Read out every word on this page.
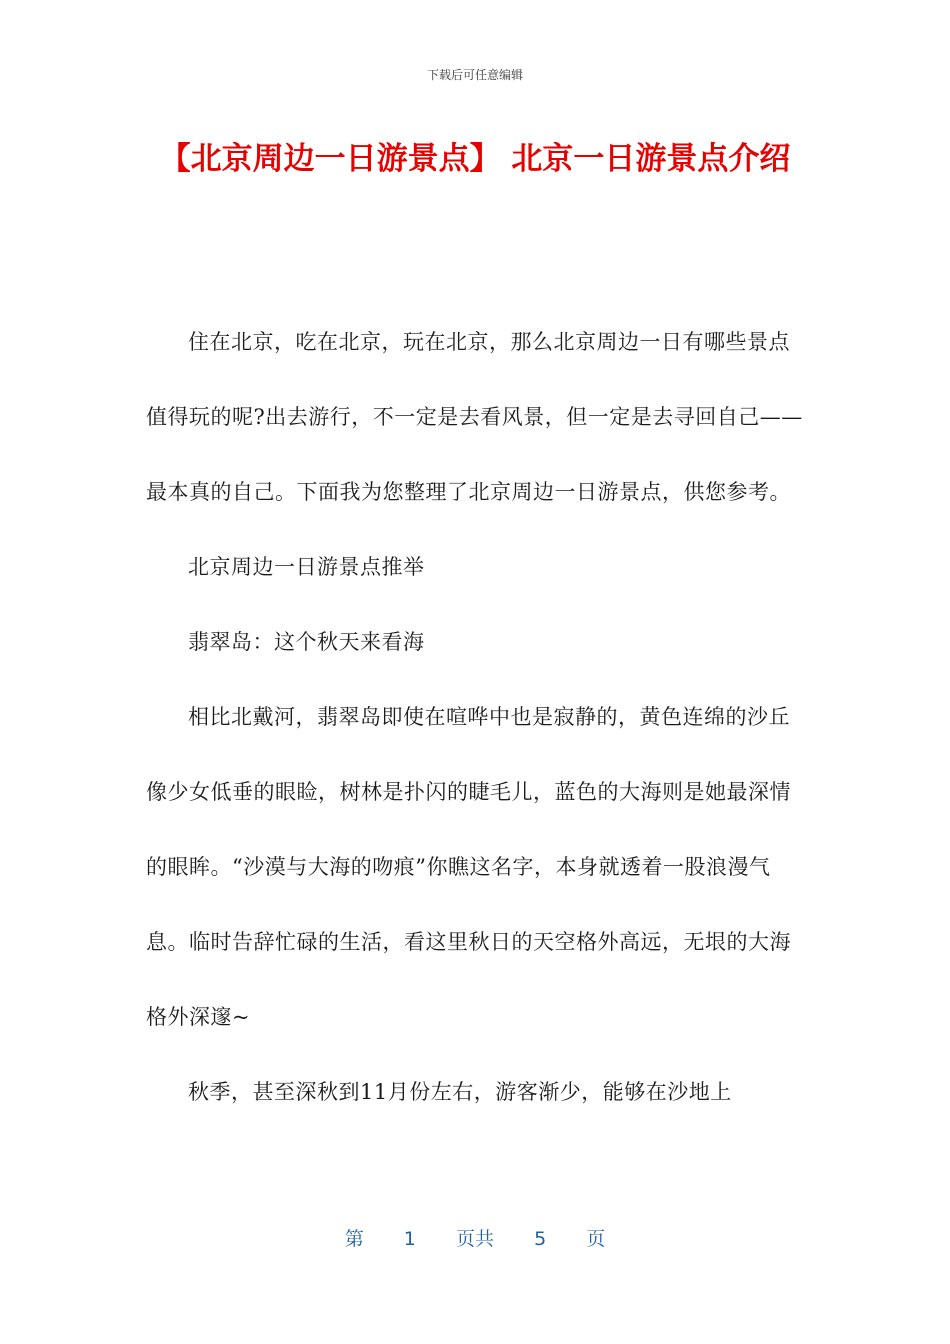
下载后可任意编辑
【北京周边一日游景点】 北京一日游景点介绍

住在北京，吃在北京，玩在北京，那么北京周边一日有哪些景点值得玩的呢?出去游行，不一定是去看风景，但一定是去寻回自己——最本真的自己。下面我为您整理了北京周边一日游景点，供您参考。

北京周边一日游景点推举

翡翠岛：这个秋天来看海

相比北戴河，翡翠岛即使在喧哗中也是寂静的，黄色连绵的沙丘像少女低垂的眼睑，树林是扑闪的睫毛儿，蓝色的大海则是她最深情的眼眸。“沙漠与大海的吻痕”你瞧这名字，本身就透着一股浪漫气息。临时告辞忙碌的生活，看这里秋日的天空格外高远，无垠的大海格外深邃~

秋季，甚至深秋到11月份左右，游客渐少，能够在沙地上

第 1 页共 5 页
